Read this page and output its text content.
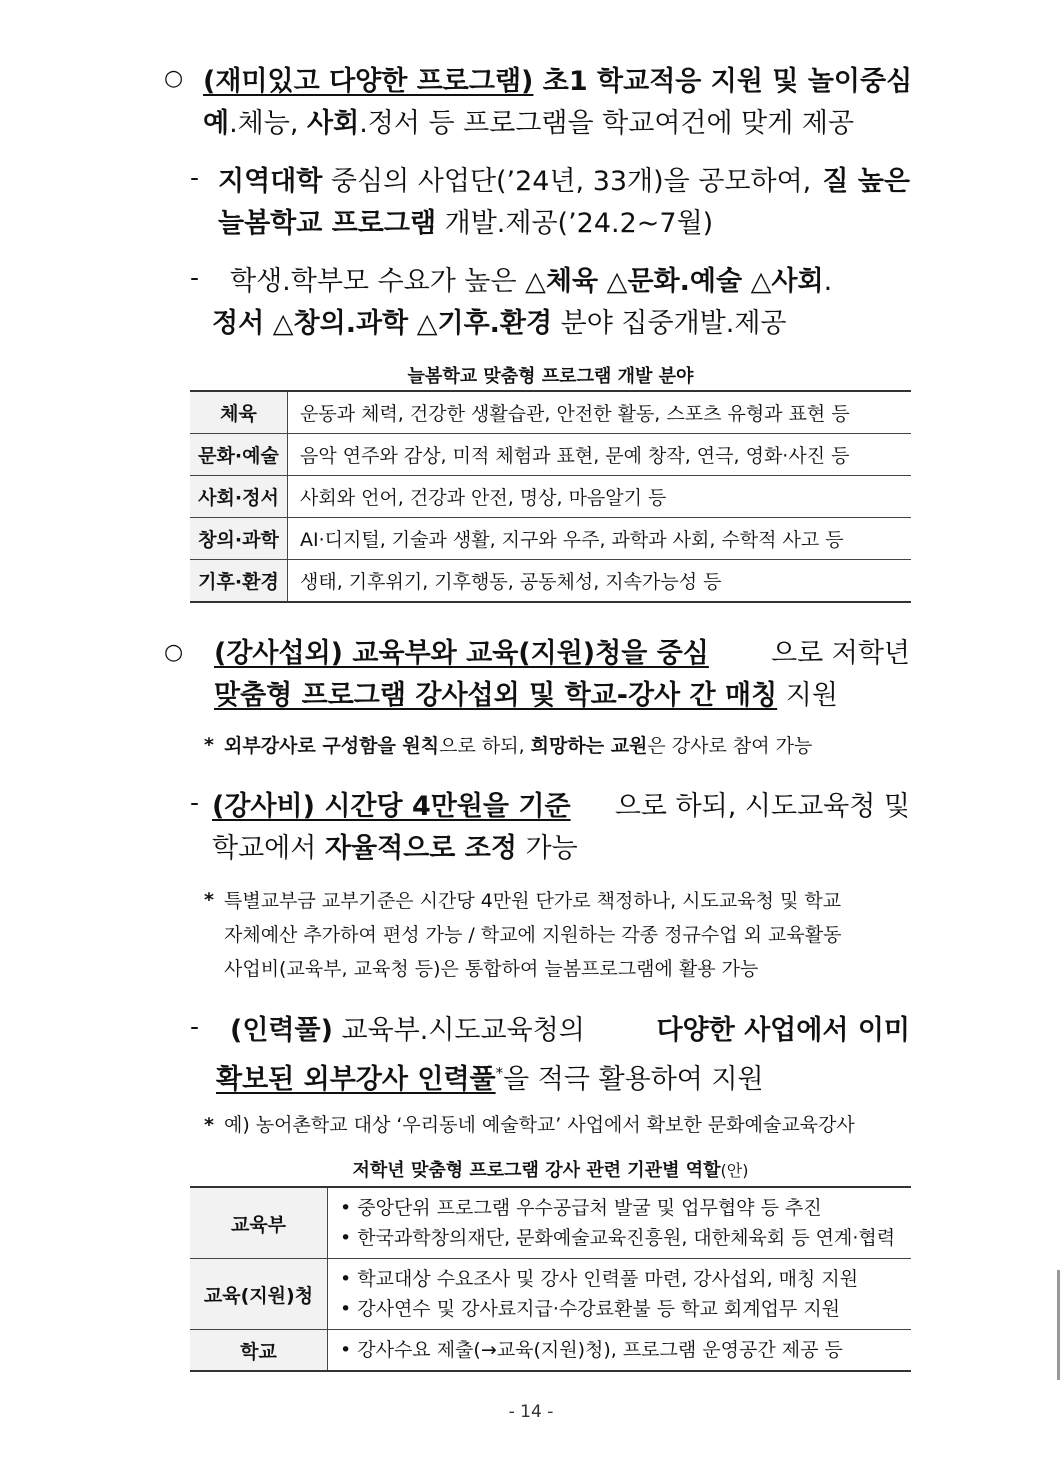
○ (재미있고 다양한 프로그램) 초1 학교적응 지원 및 놀이중심
예.체능, 사회.정서 등 프로그램을 학교여건에 맞게 제공
- 지역대학 중심의 사업단(’24년, 33개)을 공모하여, 질 높은
늘봄학교 프로그램 개발.제공(’24.2~7월)
- 학생.학부모 수요가 높은 △체육 △문화.예술 △사회.
정서 △창의.과학 △기후.환경 분야 집중개발.제공
늘봄학교 맞춤형 프로그램 개발 분야
체육	운동과 체력, 건강한 생활습관, 안전한 활동, 스포츠 유형과 표현 등
문화·예술	음악 연주와 감상, 미적 체험과 표현, 문예 창작, 연극, 영화·사진 등
사회·정서	사회와 언어, 건강과 안전, 명상, 마음알기 등
창의·과학	AI·디지털, 기술과 생활, 지구와 우주, 과학과 사회, 수학적 사고 등
기후·환경	생태, 기후위기, 기후행동, 공동체성, 지속가능성 등
○ (강사섭외) 교육부와 교육(지원)청을 중심 으로 저학년
맞춤형 프로그램 강사섭외 및 학교-강사 간 매칭 지원
* 외부강사로 구성함을 원칙으로 하되, 희망하는 교원은 강사로 참여 가능
- (강사비) 시간당 4만원을 기준 으로 하되, 시도교육청 및
학교에서 자율적으로 조정 가능
* 특별교부금 교부기준은 시간당 4만원 단가로 책정하나, 시도교육청 및 학교
자체예산 추가하여 편성 가능 / 학교에 지원하는 각종 정규수업 외 교육활동
사업비(교육부, 교육청 등)은 통합하여 늘봄프로그램에 활용 가능
- (인력풀) 교육부.시도교육청의	다양한 사업에서 이미
확보된 외부강사 인력풀*을 적극 활용하여 지원
* 예) 농어촌학교 대상 ‘우리동네 예술학교’ 사업에서 확보한 문화예술교육강사
저학년 맞춤형 프로그램 강사 관련 기관별 역할(안)
교육부	• 중앙단위 프로그램 우수공급처 발굴 및 업무협약 등 추진
• 한국과학창의재단, 문화예술교육진흥원, 대한체육회 등 연계·협력

교육(지원)청	• 학교대상 수요조사 및 강사 인력풀 마련, 강사섭외, 매칭 지원
• 강사연수 및 강사료지급·수강료환불 등 학교 회계업무 지원

학교	• 강사수요 제출(→교육(지원)청), 프로그램 운영공간 제공 등
- 14 -
